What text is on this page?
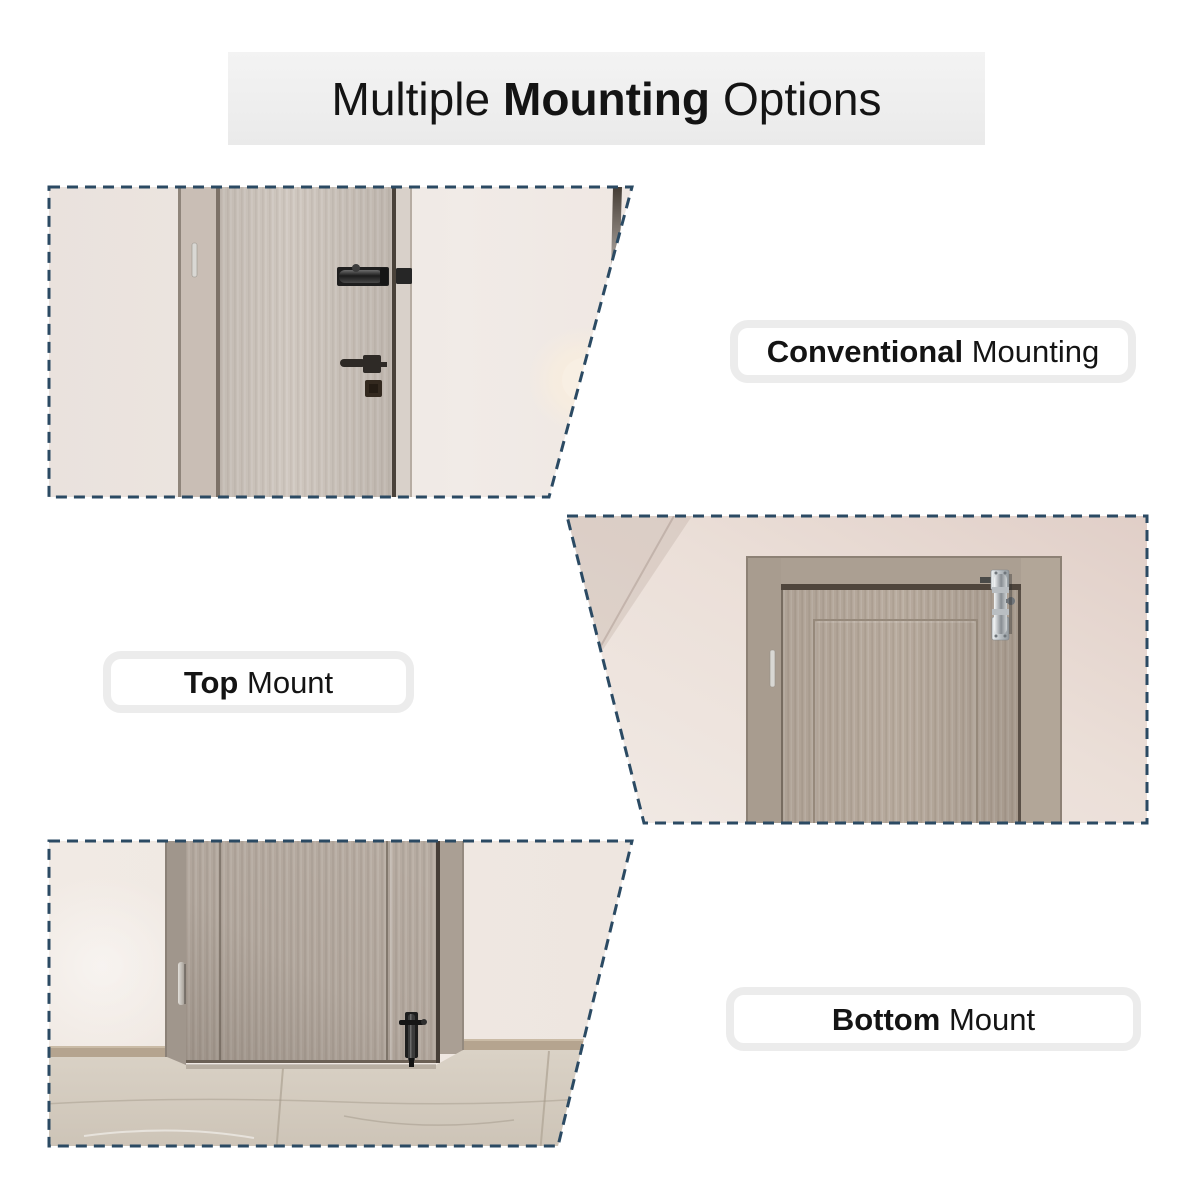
Multiple Mounting Options
Conventional Mounting
Top Mount
Bottom Mount
